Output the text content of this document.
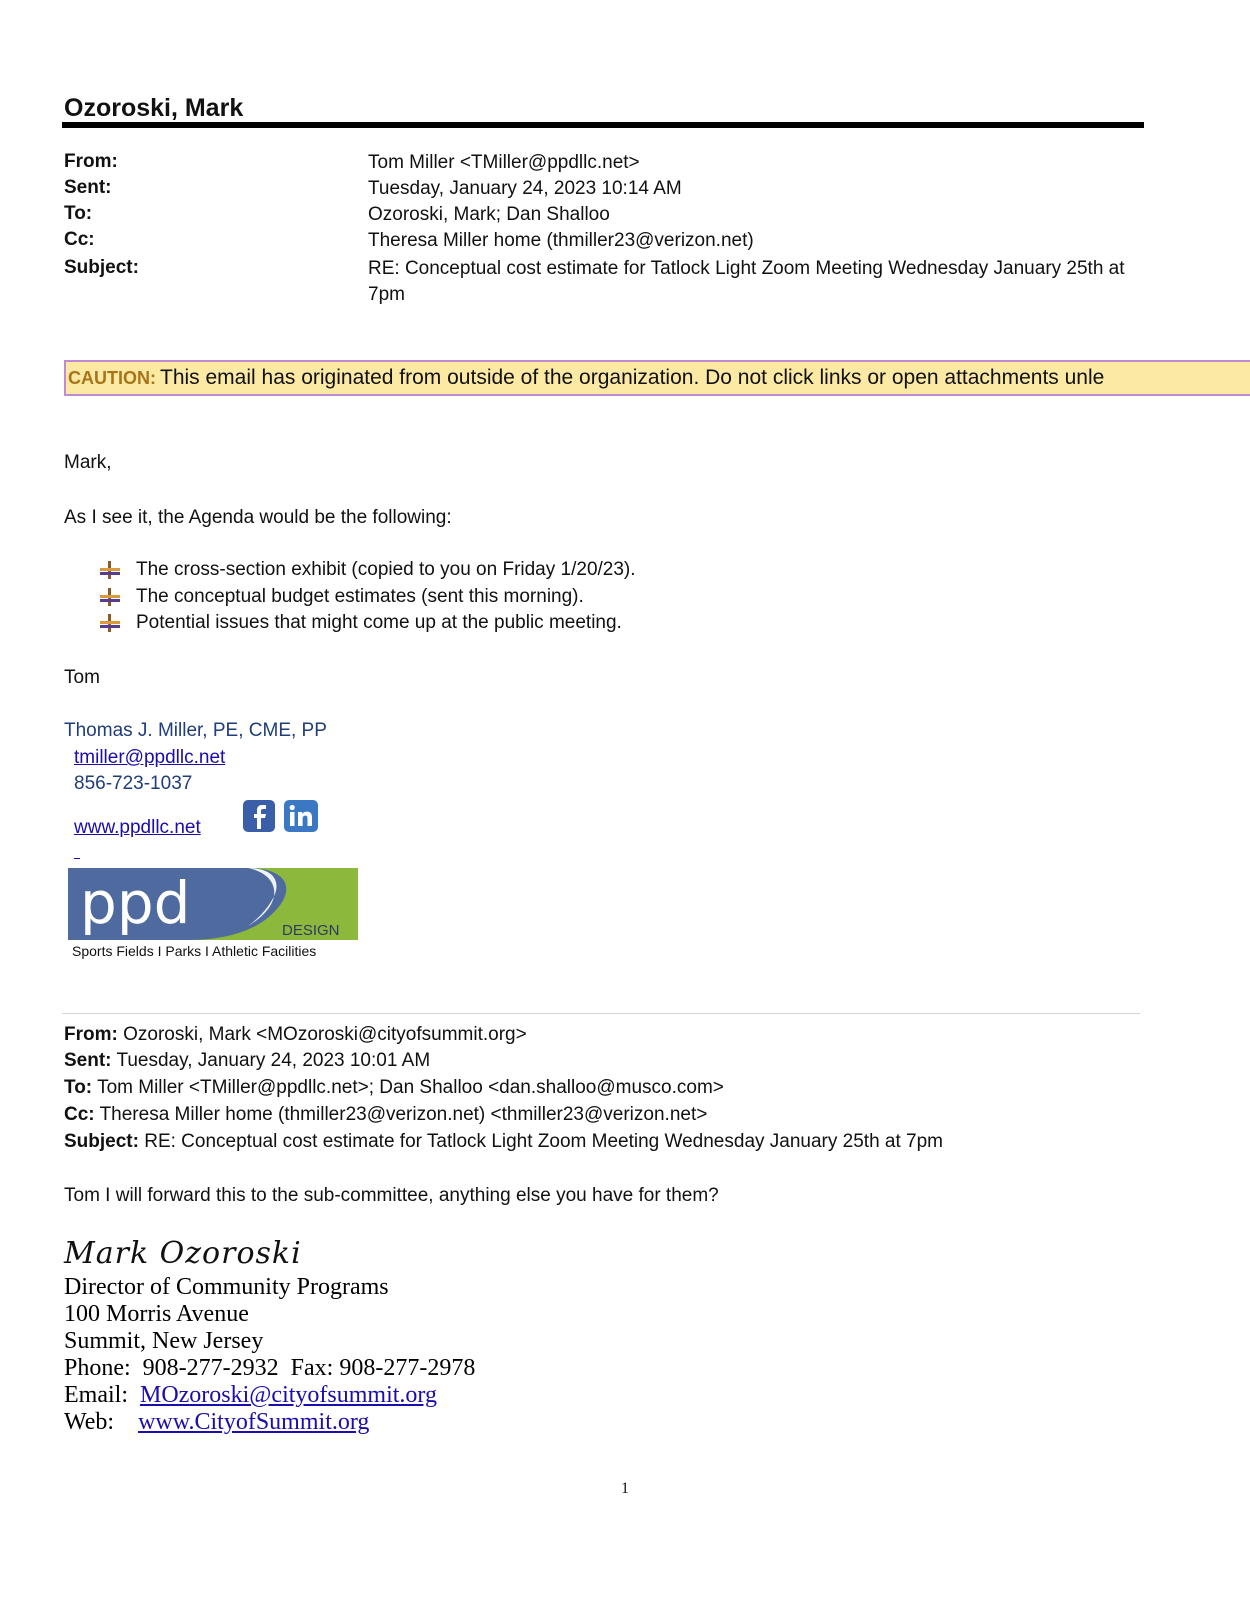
Ozoroski, Mark
From:	Tom Miller <TMiller@ppdllc.net>
Sent:	Tuesday, January 24, 2023 10:14 AM
To:	Ozoroski, Mark; Dan Shalloo
Cc:	Theresa Miller home (thmiller23@verizon.net)
Subject:	RE: Conceptual cost estimate for Tatlock Light Zoom Meeting Wednesday January 25th at 7pm
CAUTION: This email has originated from outside of the organization. Do not click links or open attachments unle
Mark,
As I see it, the Agenda would be the following:
The cross-section exhibit (copied to you on Friday 1/20/23).
The conceptual budget estimates (sent this morning).
Potential issues that might come up at the public meeting.
Tom
Thomas J. Miller, PE, CME, PP
tmiller@ppdllc.net
856-723-1037
www.ppdllc.net
ppd	DESIGN
Sports Fields I Parks I Athletic Facilities
From: Ozoroski, Mark <MOzoroski@cityofsummit.org>
Sent: Tuesday, January 24, 2023 10:01 AM
To: Tom Miller <TMiller@ppdllc.net>; Dan Shalloo <dan.shalloo@musco.com>
Cc: Theresa Miller home (thmiller23@verizon.net) <thmiller23@verizon.net>
Subject: RE: Conceptual cost estimate for Tatlock Light Zoom Meeting Wednesday January 25th at 7pm
Tom I will forward this to the sub-committee, anything else you have for them?
Mark Ozoroski
Director of Community Programs
100 Morris Avenue
Summit, New Jersey
Phone: 908-277-2932 Fax: 908-277-2978
Email: MOzoroski@cityofsummit.org
Web: www.CityofSummit.org
1
